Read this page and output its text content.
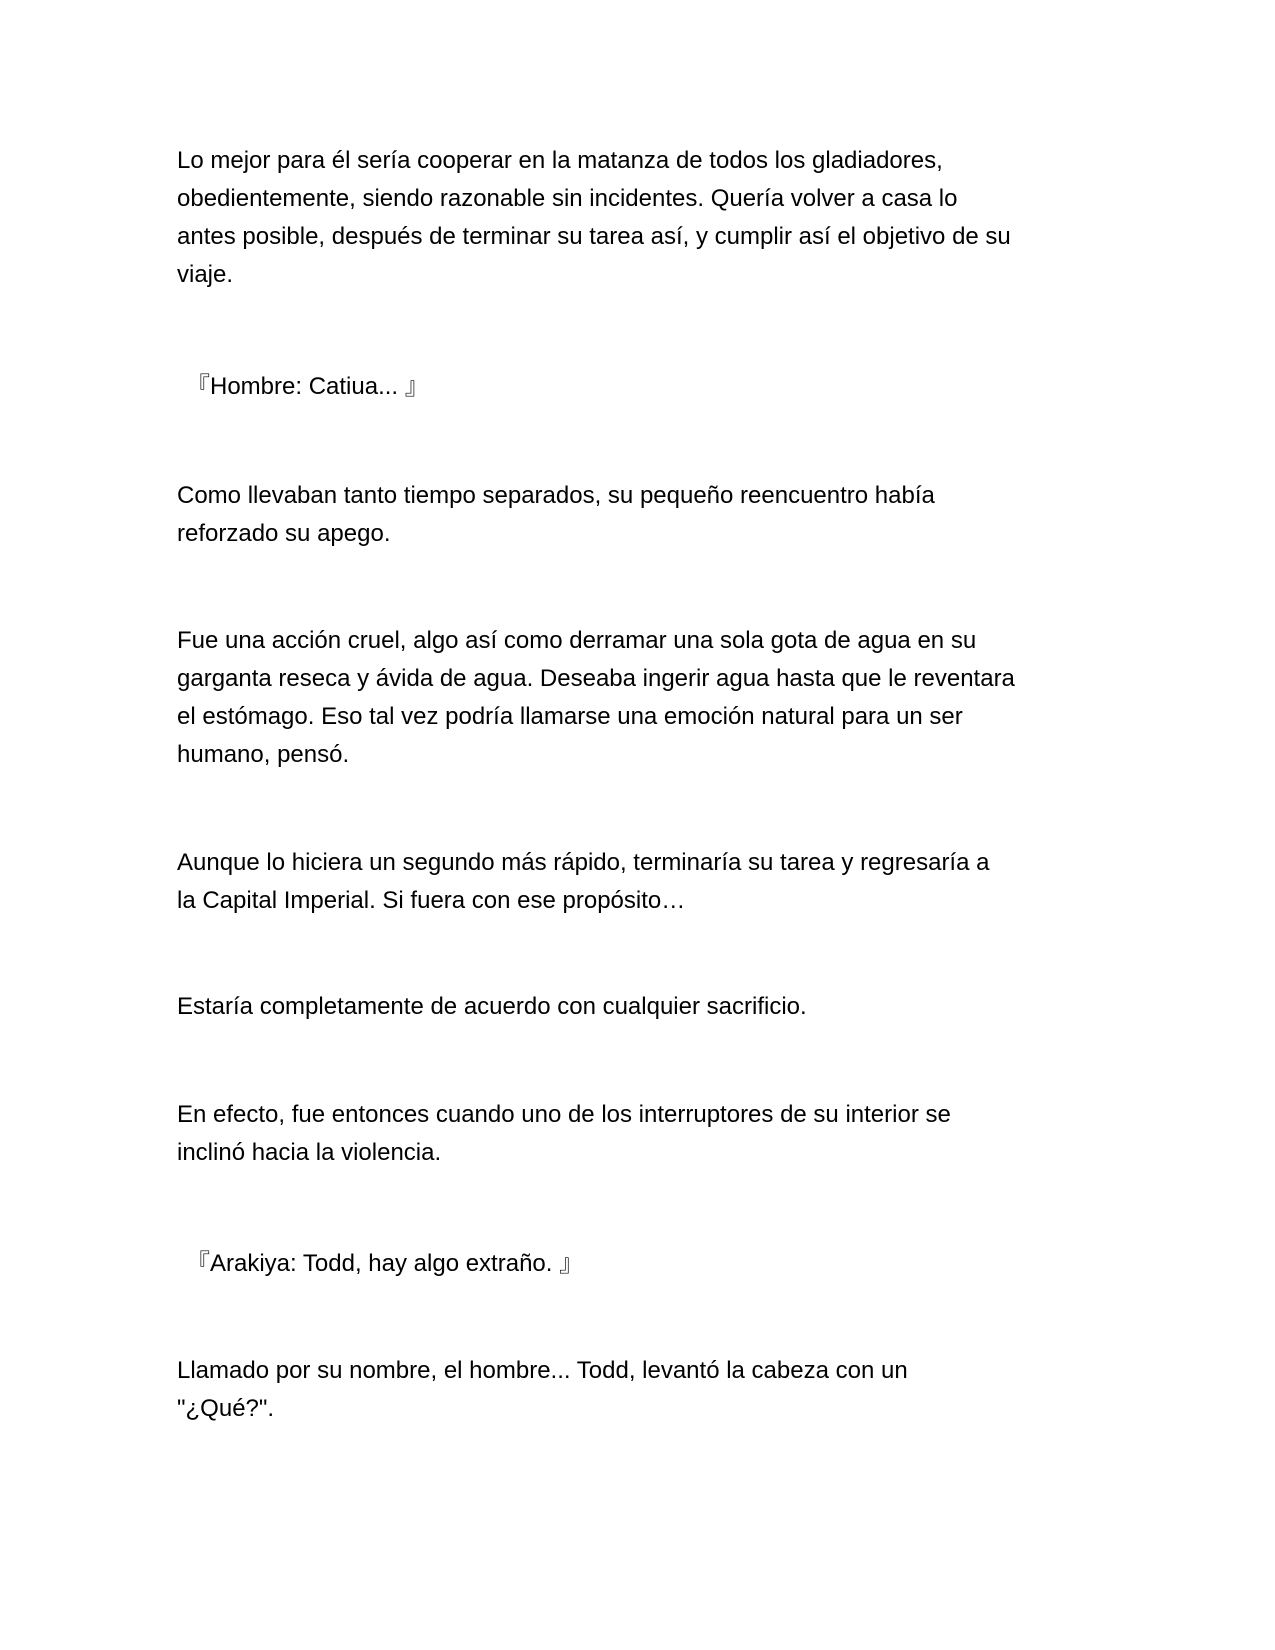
Lo mejor para él sería cooperar en la matanza de todos los gladiadores,
obedientemente, siendo razonable sin incidentes. Quería volver a casa lo
antes posible, después de terminar su tarea así, y cumplir así el objetivo de su
viaje.

『Hombre: Catiua... 』

Como llevaban tanto tiempo separados, su pequeño reencuentro había
reforzado su apego.

Fue una acción cruel, algo así como derramar una sola gota de agua en su
garganta reseca y ávida de agua. Deseaba ingerir agua hasta que le reventara
el estómago. Eso tal vez podría llamarse una emoción natural para un ser
humano, pensó.

Aunque lo hiciera un segundo más rápido, terminaría su tarea y regresaría a
la Capital Imperial. Si fuera con ese propósito…

Estaría completamente de acuerdo con cualquier sacrificio.

En efecto, fue entonces cuando uno de los interruptores de su interior se
inclinó hacia la violencia.

『Arakiya: Todd, hay algo extraño. 』

Llamado por su nombre, el hombre... Todd, levantó la cabeza con un
"¿Qué?".
